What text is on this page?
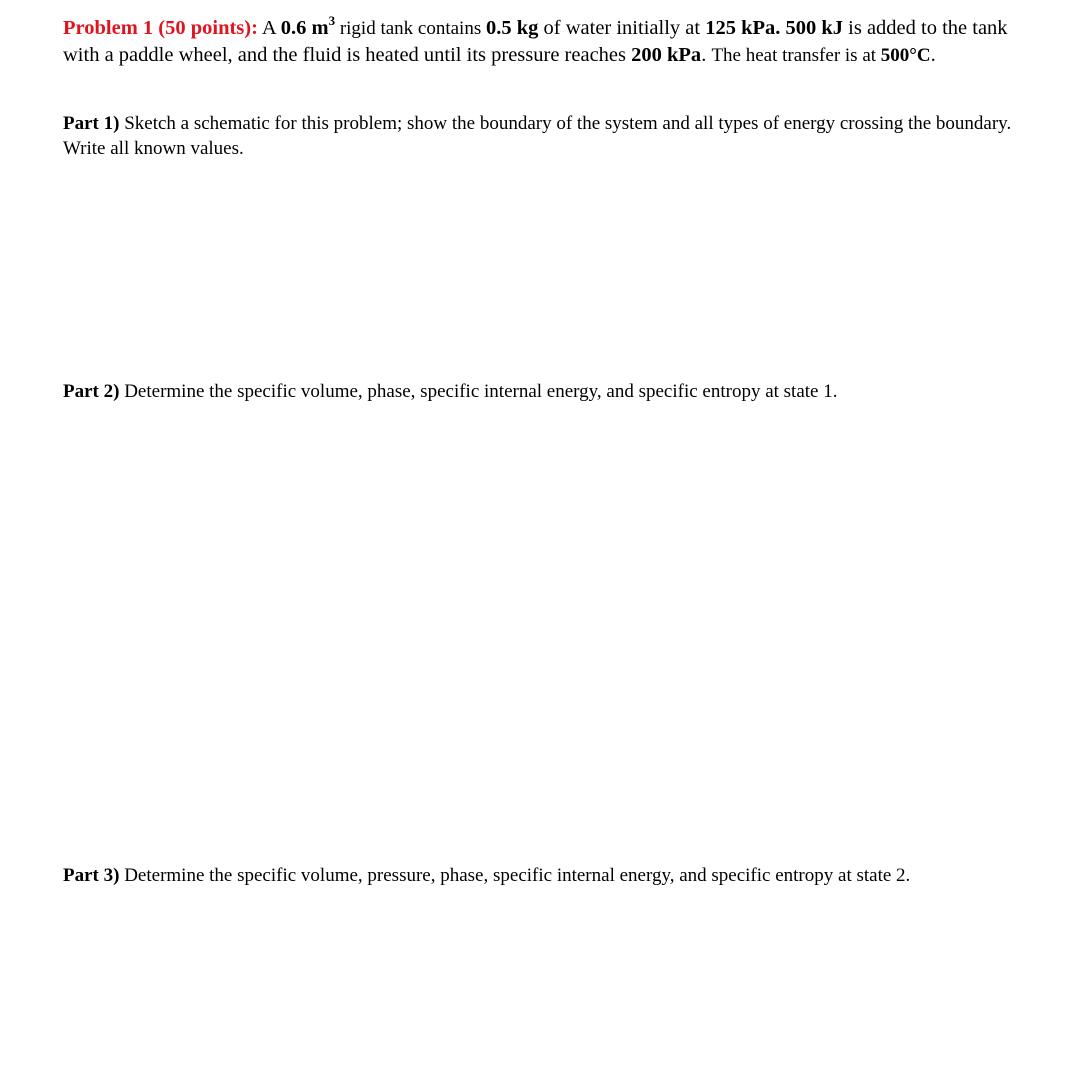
Problem 1 (50 points): A 0.6 $m^3$ rigid tank contains 0.5 kg of water initially at 125 kPa. 500 kJ is added to the tank with a paddle wheel, and the fluid is heated until its pressure reaches 200 kPa. The heat transfer is at 500°C.

Part 1) Sketch a schematic for this problem; show the boundary of the system and all types of energy crossing the boundary. Write all known values.

Part 2) Determine the specific volume, phase, specific internal energy, and specific entropy at state 1.

Part 3) Determine the specific volume, pressure, phase, specific internal energy, and specific entropy at state 2.
